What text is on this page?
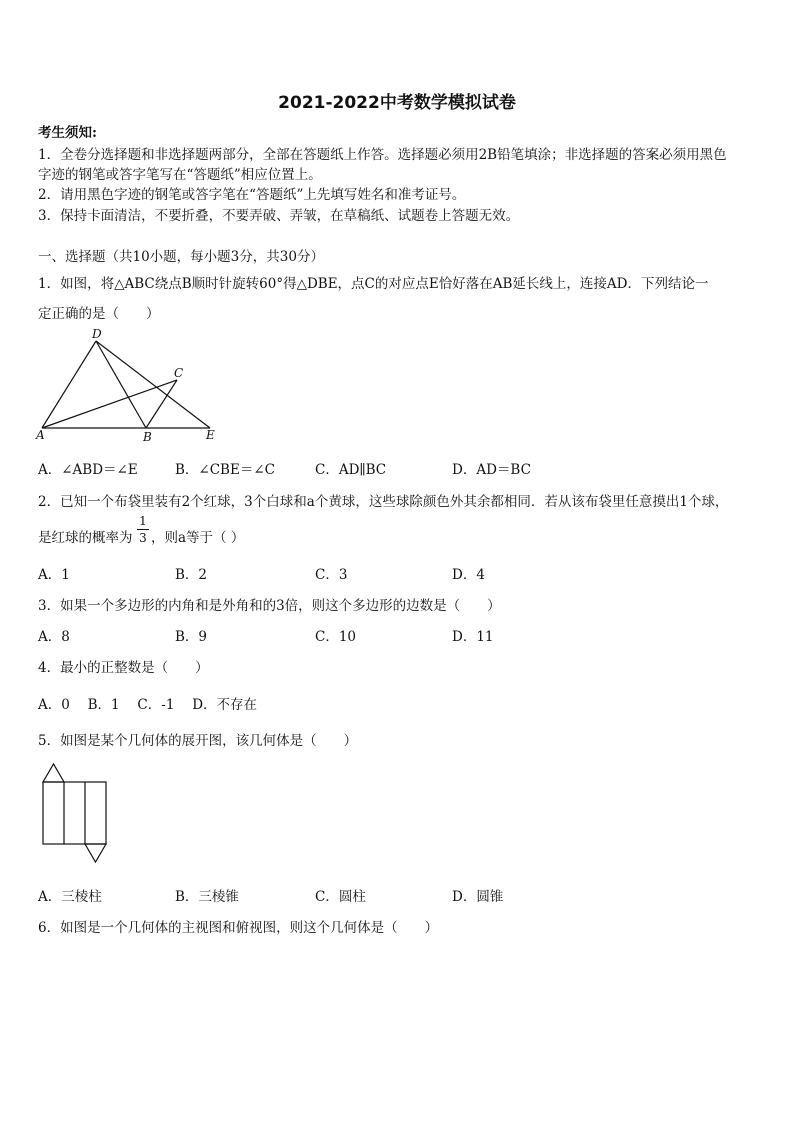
2021-2022中考数学模拟试卷
考生须知:
1．全卷分选择题和非选择题两部分，全部在答题纸上作答。选择题必须用2B铅笔填涂；非选择题的答案必须用黑色
字迹的钢笔或答字笔写在“答题纸”相应位置上。
2．请用黑色字迹的钢笔或答字笔在“答题纸”上先填写姓名和准考证号。
3．保持卡面清洁，不要折叠，不要弄破、弄皱，在草稿纸、试题卷上答题无效。
一、选择题（共10小题，每小题3分，共30分）
1．如图，将△ABC绕点B顺时针旋转60°得△DBE，点C的对应点E恰好落在AB延长线上，连接AD．下列结论一
定正确的是（　　）
D
C
A	B	E
A．∠ABD＝∠E	B．∠CBE＝∠C	C．AD∥BC	D．AD＝BC
2．已知一个布袋里装有2个红球，3个白球和a个黄球，这些球除颜色外其余都相同．若从该布袋里任意摸出1个球，
是红球的概率为
1
3 ，则a等于（ ）
A．1	B．2	C．3	D．4
3．如果一个多边形的内角和是外角和的3倍，则这个多边形的边数是（　　）
A．8	B．9	C．10	D．11
4．最小的正整数是（　　）
A．0　 B．1　 C．-1　 D．不存在
5．如图是某个几何体的展开图，该几何体是（　　）
A．三棱柱	B．三棱锥	C．圆柱	D．圆锥
6．如图是一个几何体的主视图和俯视图，则这个几何体是（　　）
